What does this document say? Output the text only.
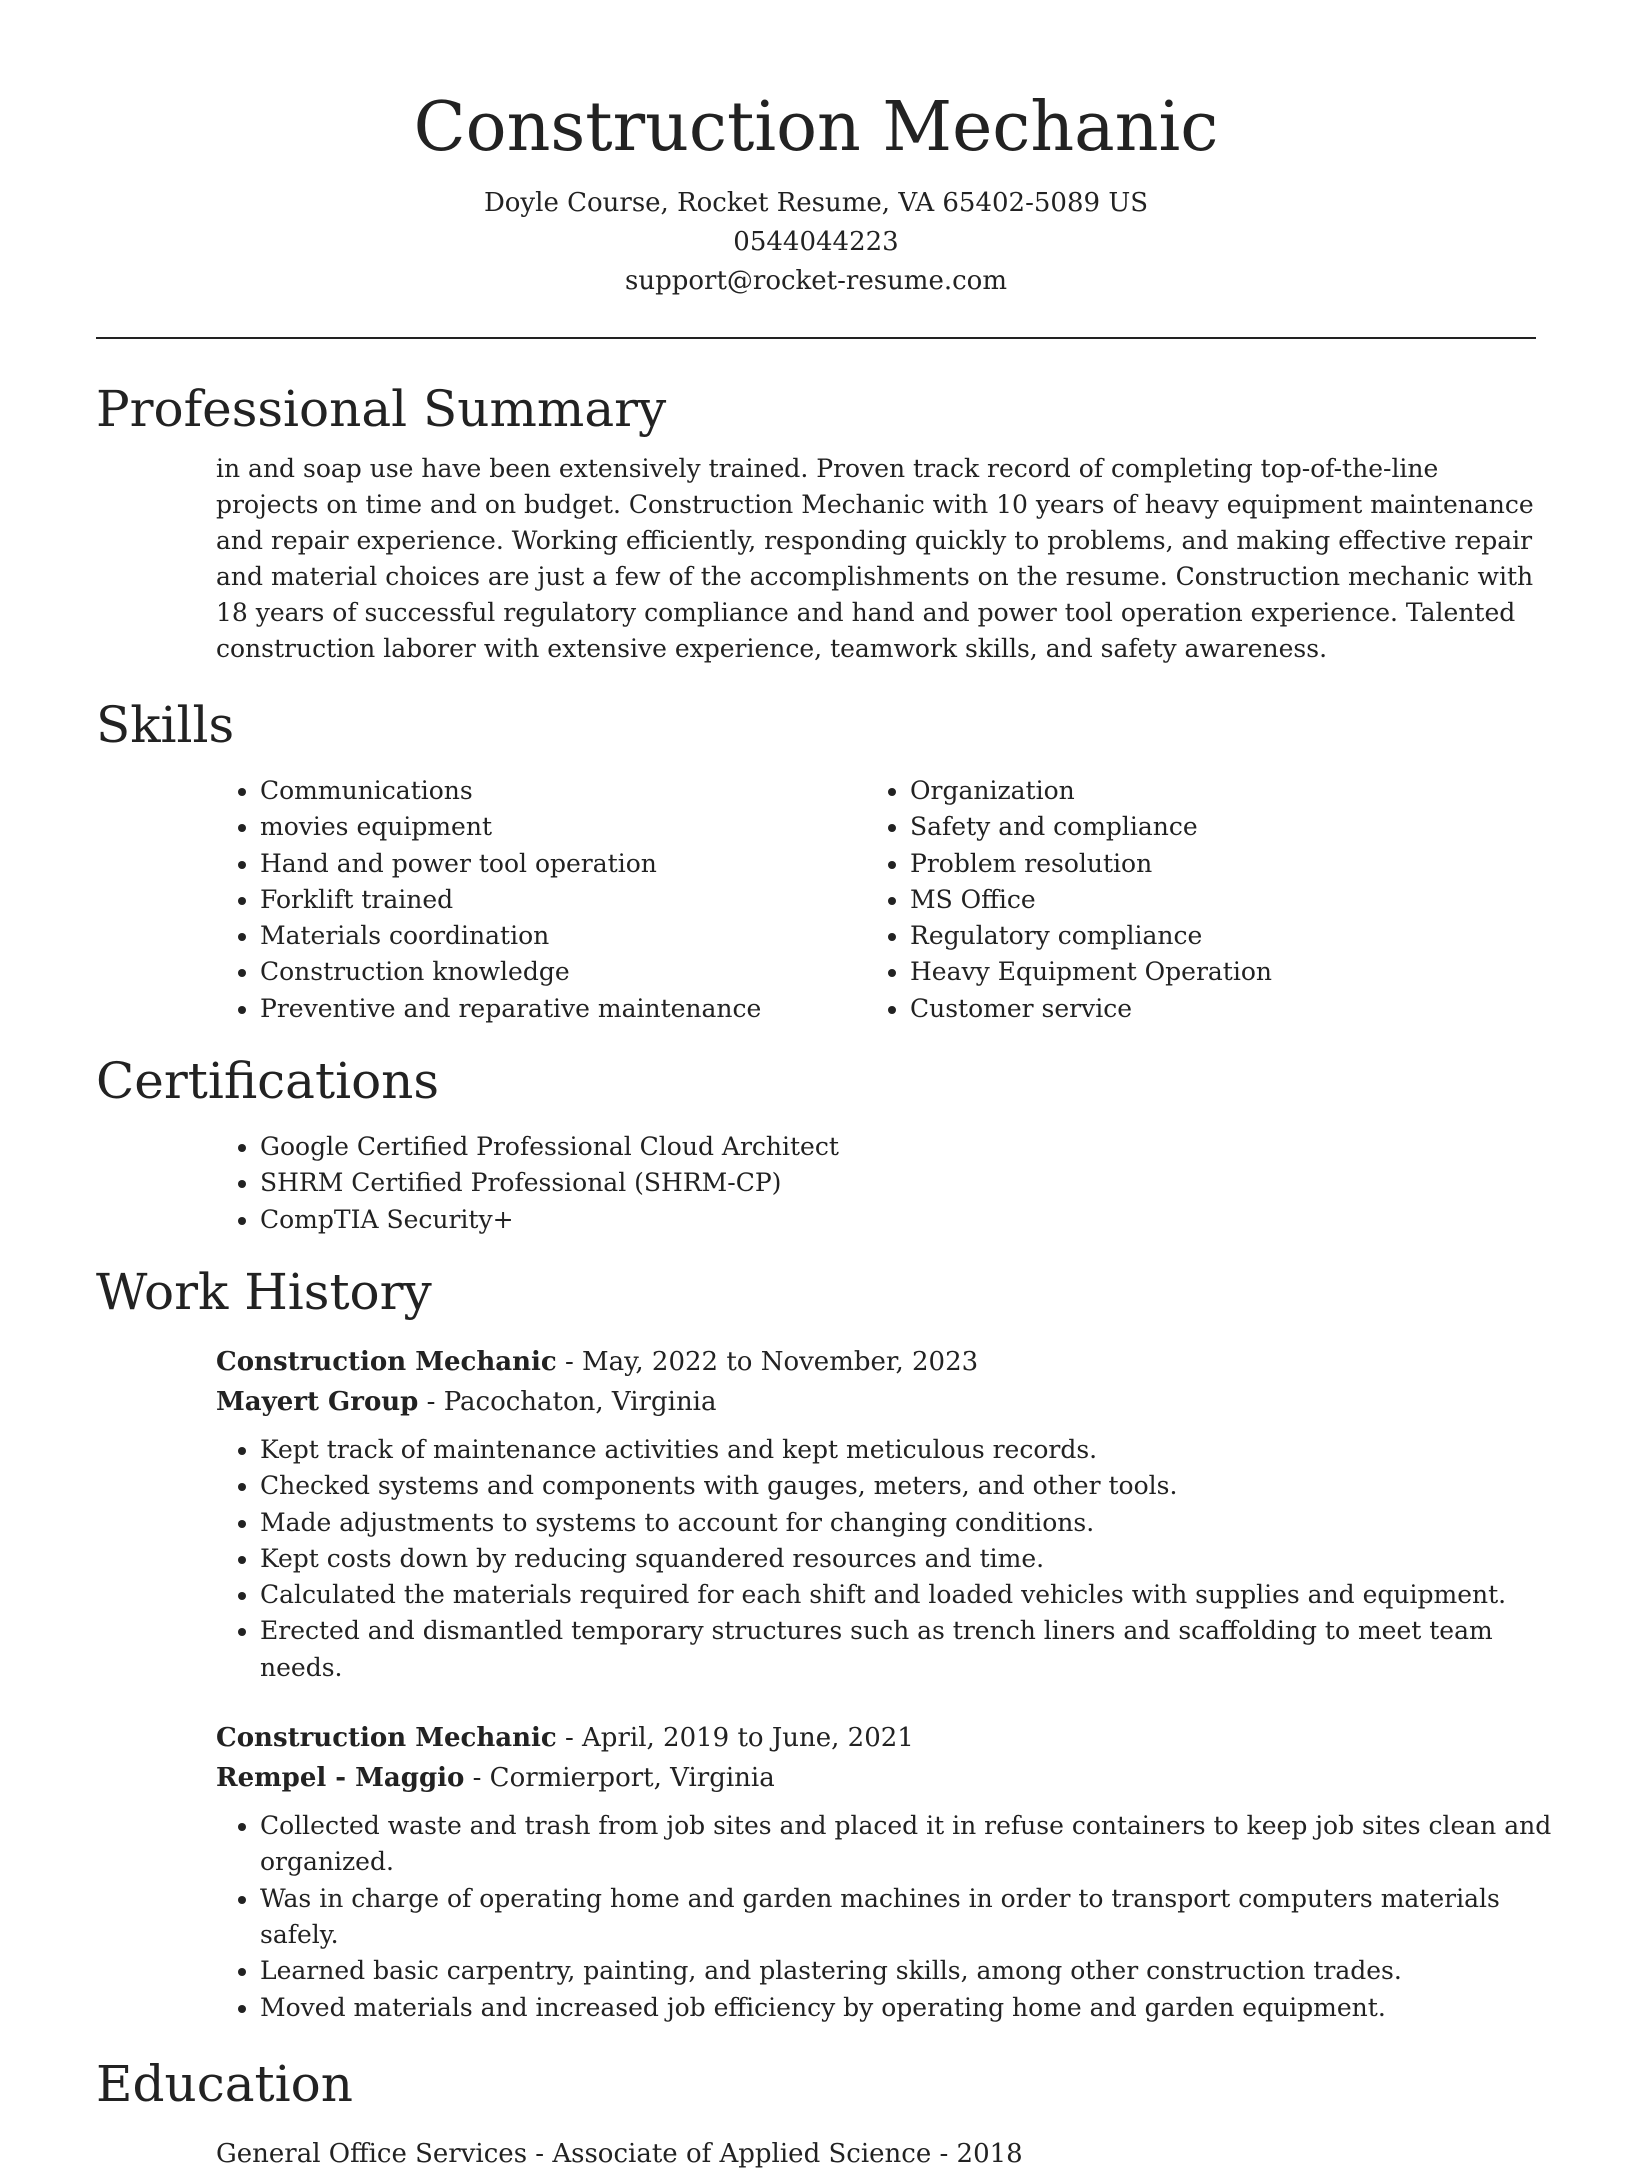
Construction Mechanic

Doyle Course, Rocket Resume, VA 65402-5089 US

0544044223

support@rocket-resume.com

Professional Summary

in and soap use have been extensively trained. Proven track record of completing top-of-the-line projects on time and on budget. Construction Mechanic with 10 years of heavy equipment maintenance and repair experience. Working efficiently, responding quickly to problems, and making effective repair and material choices are just a few of the accomplishments on the resume. Construction mechanic with 18 years of successful regulatory compliance and hand and power tool operation experience. Talented construction laborer with extensive experience, teamwork skills, and safety awareness.

Skills
• Communications
• movies equipment
• Hand and power tool operation
• Forklift trained
• Materials coordination
• Construction knowledge
• Preventive and reparative maintenance
• Organization
• Safety and compliance
• Problem resolution
• MS Office
• Regulatory compliance
• Heavy Equipment Operation
• Customer service
Certifications
• Google Certified Professional Cloud Architect
• SHRM Certified Professional (SHRM-CP)
• CompTIA Security+
Work History

Construction Mechanic - May, 2022 to November, 2023

Mayert Group - Pacochaton, Virginia

• Kept track of maintenance activities and kept meticulous records.
• Checked systems and components with gauges, meters, and other tools.
• Made adjustments to systems to account for changing conditions.
• Kept costs down by reducing squandered resources and time.
• Calculated the materials required for each shift and loaded vehicles with supplies and equipment.
• Erected and dismantled temporary structures such as trench liners and scaffolding to meet team needs.

Construction Mechanic - April, 2019 to June, 2021

Rempel - Maggio - Cormierport, Virginia

• Collected waste and trash from job sites and placed it in refuse containers to keep job sites clean and organized.
• Was in charge of operating home and garden machines in order to transport computers materials safely.
• Learned basic carpentry, painting, and plastering skills, among other construction trades.
• Moved materials and increased job efficiency by operating home and garden equipment.
Education

General Office Services - Associate of Applied Science - 2018
